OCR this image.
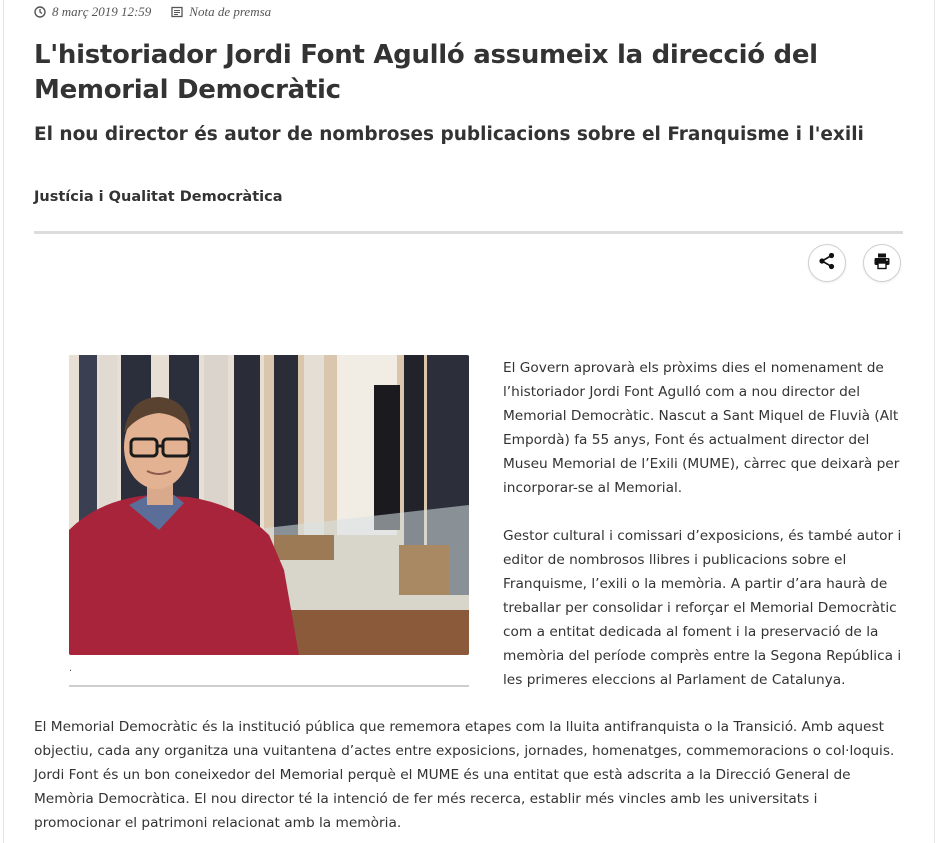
8 març 2019 12:59	Nota de premsa
L'historiador Jordi Font Agulló assumeix la direcció del Memorial Democràtic
El nou director és autor de nombroses publicacions sobre el Franquisme i l'exili
Justícia i Qualitat Democràtica
.

El Govern aprovarà els pròxims dies el nomenament de l’historiador Jordi Font Agulló com a nou director del Memorial Democràtic. Nascut a Sant Miquel de Fluvià (Alt Empordà) fa 55 anys, Font és actualment director del Museu Memorial de l’Exili (MUME), càrrec que deixarà per incorporar-se al Memorial.

Gestor cultural i comissari d’exposicions, és també autor i editor de nombrosos llibres i publicacions sobre el Franquisme, l’exili o la memòria. A partir d’ara haurà de treballar per consolidar i reforçar el Memorial Democràtic com a entitat dedicada al foment i la preservació de la memòria del període comprès entre la Segona República i les primeres eleccions al Parlament de Catalunya.

El Memorial Democràtic és la institució pública que rememora etapes com la lluita antifranquista o la Transició. Amb aquest objectiu, cada any organitza una vuitantena d’actes entre exposicions, jornades, homenatges, commemoracions o col·loquis. Jordi Font és un bon coneixedor del Memorial perquè el MUME és una entitat que està adscrita a la Direcció General de Memòria Democràtica. El nou director té la intenció de fer més recerca, establir més vincles amb les universitats i promocionar el patrimoni relacionat amb la memòria.
